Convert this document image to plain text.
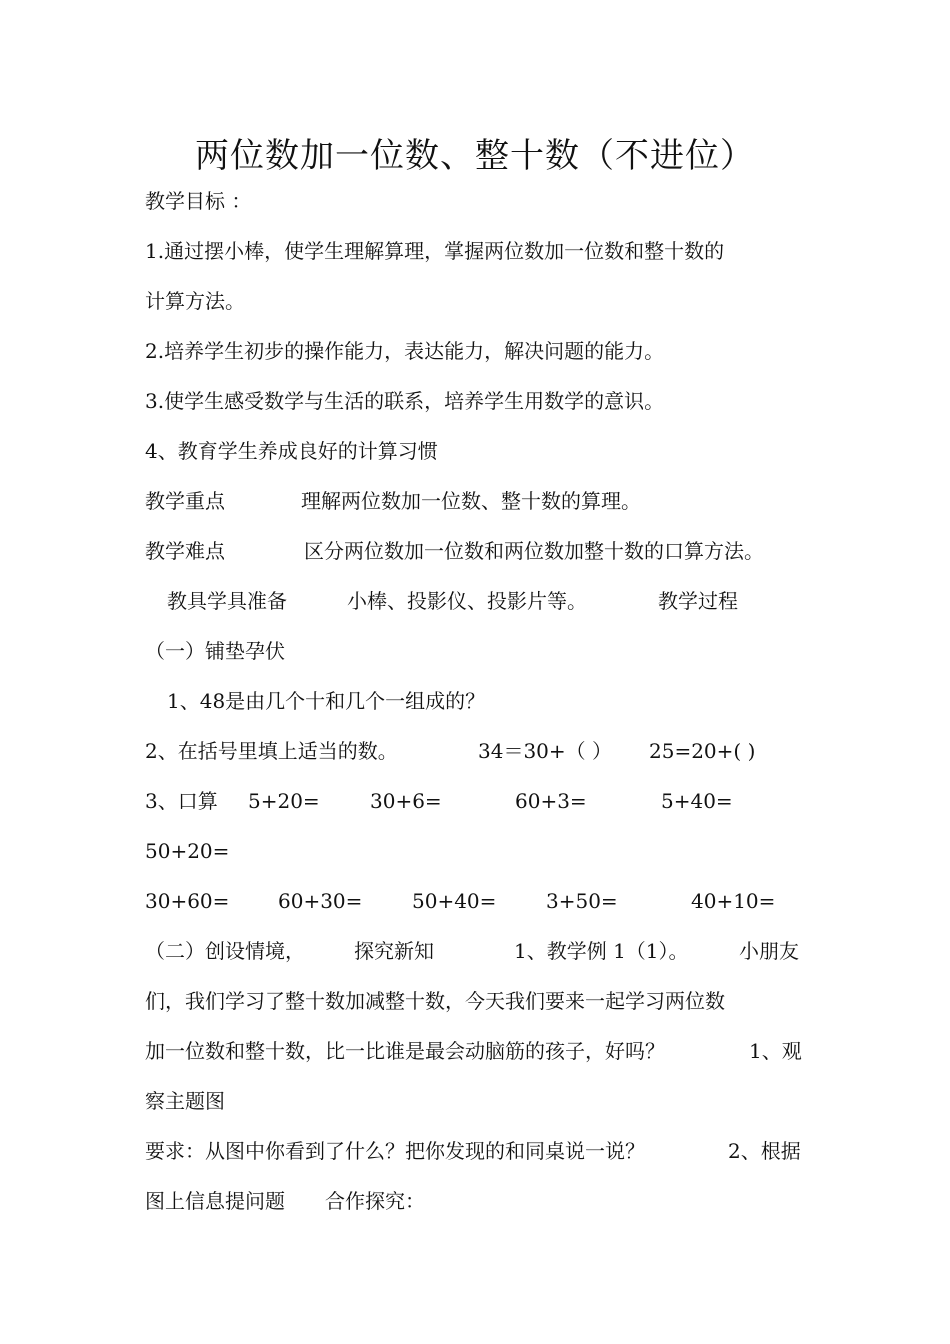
两位数加一位数、整十数（不进位）
教学目标 ：
1.通过摆小棒，使学生理解算理，掌握两位数加一位数和整十数的
计算方法。
2.培养学生初步的操作能力，表达能力，解决问题的能力。
3.使学生感受数学与生活的联系，培养学生用数学的意识。
4、教育学生养成良好的计算习惯
教学重点	理解两位数加一位数、整十数的算理。
教学难点	区分两位数加一位数和两位数加整十数的口算方法。
教具学具准备	小棒、投影仪、投影片等。	教学过程
（一）铺垫孕伏
1、48是由几个十和几个一组成的？
2、在括号里填上适当的数。	34＝30+（ ） 25=20+( )
3、口算 5+20=	30+6=	60+3=	5+40=
50+20=
30+60= 60+30= 50+40= 3+50=	40+10=
（二）创设情境， 探究新知	1、教学例 1（1）。	小朋友
们，我们学习了整十数加减整十数，今天我们要来一起学习两位数
加一位数和整十数，比一比谁是最会动脑筋的孩子，好吗？	1、观
察主题图
要求：从图中你看到了什么？把你发现的和同桌说一说？	2、根据
图上信息提问题 合作探究：
